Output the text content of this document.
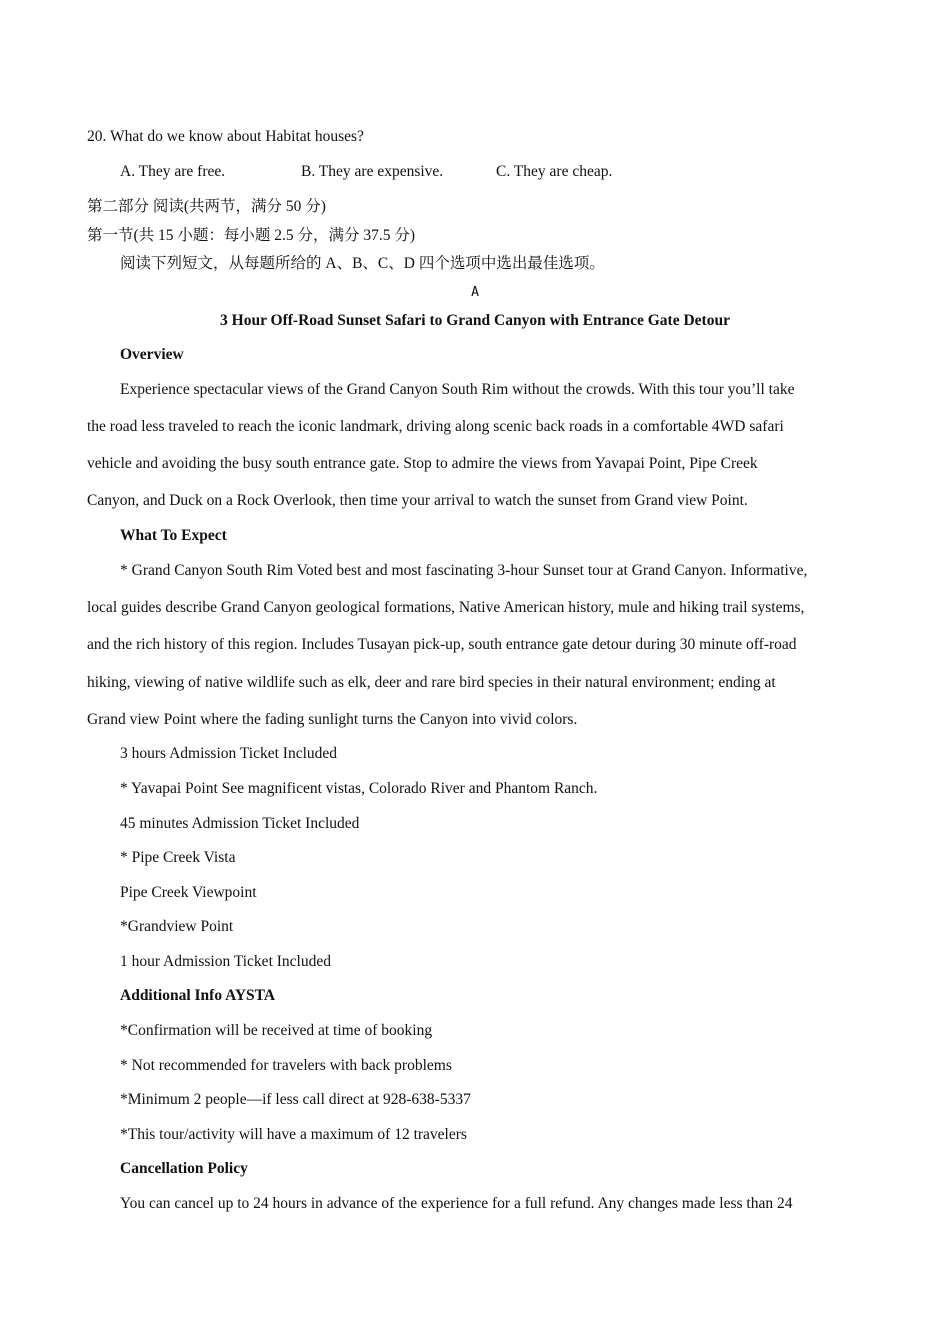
20. What do we know about Habitat houses?
A. They are free.	B. They are expensive.	C. They are cheap.
第二部分 阅读(共两节，满分 50 分)
第一节(共 15 小题：每小题 2.5 分，满分 37.5 分)
阅读下列短文，从每题所给的 A、B、C、D 四个选项中选出最佳选项。
A
3 Hour Off-Road Sunset Safari to Grand Canyon with Entrance Gate Detour
Overview
Experience spectacular views of the Grand Canyon South Rim without the crowds. With this tour you’ll take
the road less traveled to reach the iconic landmark, driving along scenic back roads in a comfortable 4WD safari
vehicle and avoiding the busy south entrance gate. Stop to admire the views from Yavapai Point, Pipe Creek
Canyon, and Duck on a Rock Overlook, then time your arrival to watch the sunset from Grand view Point.
What To Expect
* Grand Canyon South Rim Voted best and most fascinating 3-hour Sunset tour at Grand Canyon. Informative,
local guides describe Grand Canyon geological formations, Native American history, mule and hiking trail systems,
and the rich history of this region. Includes Tusayan pick-up, south entrance gate detour during 30 minute off-road
hiking, viewing of native wildlife such as elk, deer and rare bird species in their natural environment; ending at
Grand view Point where the fading sunlight turns the Canyon into vivid colors.
3 hours Admission Ticket Included
* Yavapai Point See magnificent vistas, Colorado River and Phantom Ranch.
45 minutes Admission Ticket Included
* Pipe Creek Vista
Pipe Creek Viewpoint
*Grandview Point
1 hour Admission Ticket Included
Additional Info AYSTA
*Confirmation will be received at time of booking
* Not recommended for travelers with back problems
*Minimum 2 people—if less call direct at 928-638-5337
*This tour/activity will have a maximum of 12 travelers
Cancellation Policy
You can cancel up to 24 hours in advance of the experience for a full refund. Any changes made less than 24
